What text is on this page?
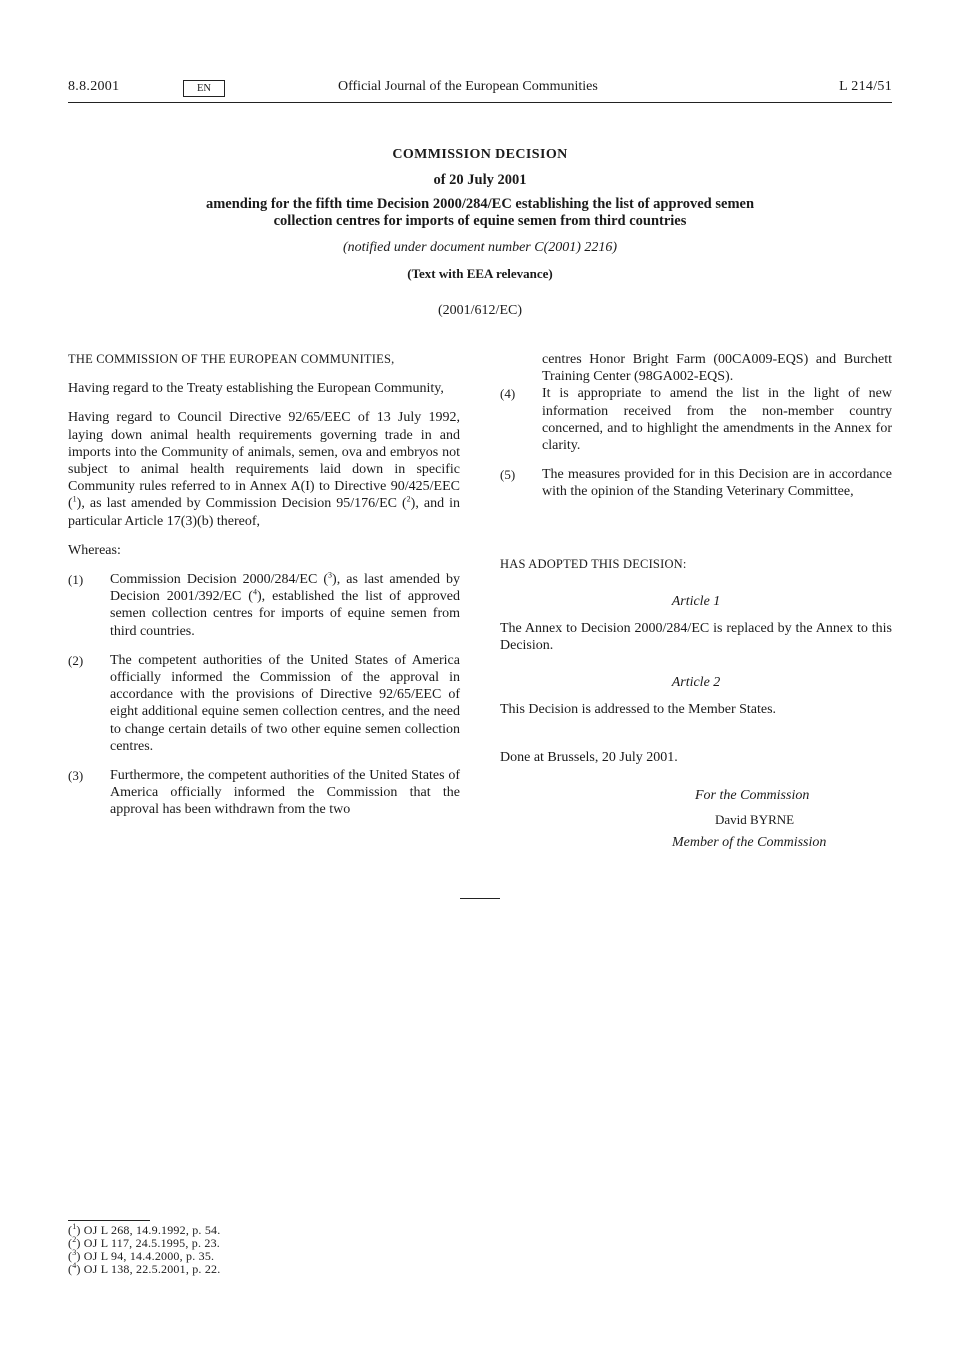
8.8.2001	EN	Official Journal of the European Communities	L 214/51
COMMISSION DECISION
of 20 July 2001
amending for the fifth time Decision 2000/284/EC establishing the list of approved semen
collection centres for imports of equine semen from third countries
(notified under document number C(2001) 2216)
(Text with EEA relevance)
(2001/612/EC)

THE COMMISSION OF THE EUROPEAN COMMUNITIES,

Having regard to the Treaty establishing the European Community,

Having regard to Council Directive 92/65/EEC of 13 July 1992, laying down animal health requirements governing trade in and imports into the Community of animals, semen, ova and embryos not subject to animal health requirements laid down in specific Community rules referred to in Annex A(I) to Directive 90/425/EEC ($^1$), as last amended by Commission Decision 95/176/EC ($^2$), and in particular Article 17(3)(b) thereof,

Whereas:

(1) Commission Decision 2000/284/EC ($^3$), as last amended by Decision 2001/392/EC ($^4$), established the list of approved semen collection centres for imports of equine semen from third countries.
(2) The competent authorities of the United States of America officially informed the Commission of the approval in accordance with the provisions of Directive 92/65/EEC of eight additional equine semen collection centres, and the need to change certain details of two other equine semen collection centres.
(3) Furthermore, the competent authorities of the United States of America officially informed the Commission that the approval has been withdrawn from the two

centres Honor Bright Farm (00CA009-EQS) and Burchett Training Center (98GA002-EQS).

(4) It is appropriate to amend the list in the light of new information received from the non-member country concerned, and to highlight the amendments in the Annex for clarity.
(5) The measures provided for in this Decision are in accordance with the opinion of the Standing Veterinary Committee,

HAS ADOPTED THIS DECISION:

Article 1

The Annex to Decision 2000/284/EC is replaced by the Annex to this Decision.

Article 2

This Decision is addressed to the Member States.

Done at Brussels, 20 July 2001.

For the Commission

David BYRNE

Member of the Commission

($^1$) OJ L 268, 14.9.1992, p. 54.
($^2$) OJ L 117, 24.5.1995, p. 23.
($^3$) OJ L 94, 14.4.2000, p. 35.
($^4$) OJ L 138, 22.5.2001, p. 22.
